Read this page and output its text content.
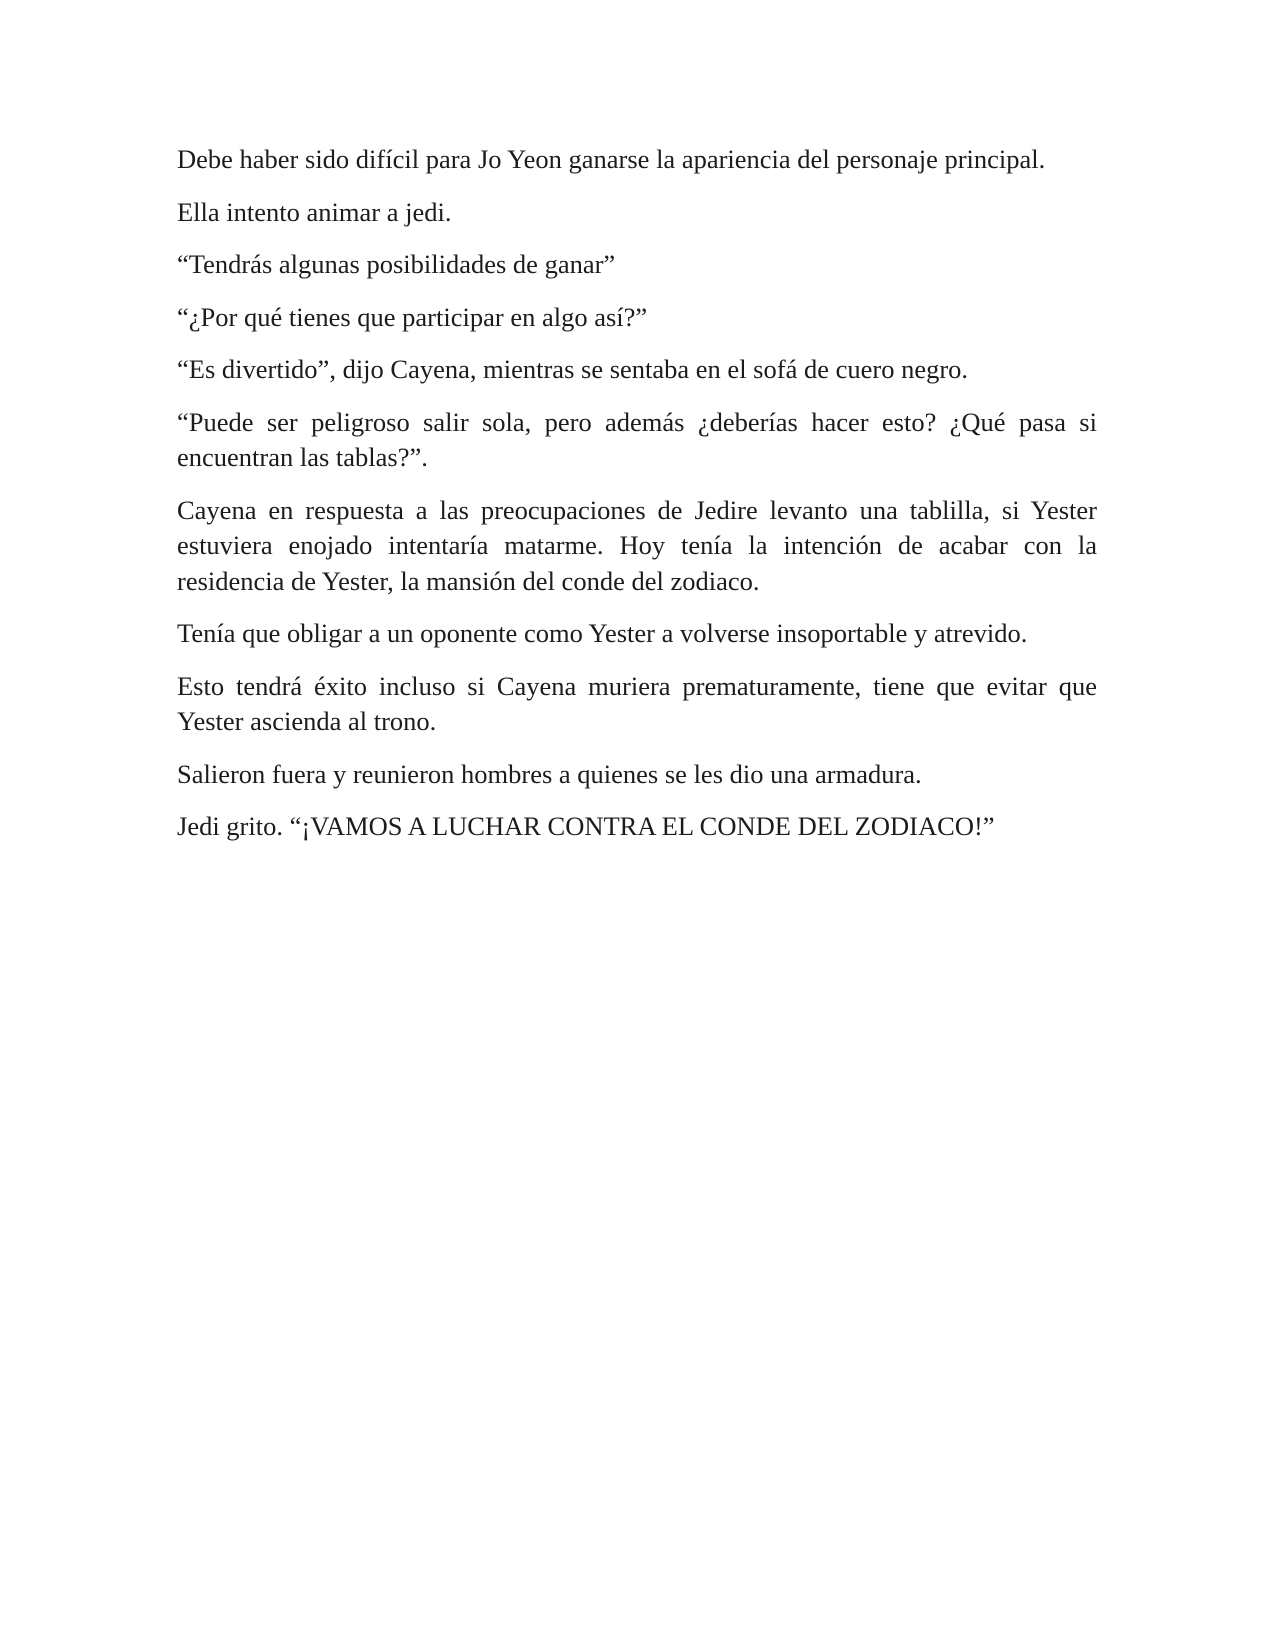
Debe haber sido difícil para Jo Yeon ganarse la apariencia del personaje principal.

Ella intento animar a jedi.

“Tendrás algunas posibilidades de ganar”

“¿Por qué tienes que participar en algo así?”

“Es divertido”, dijo Cayena, mientras se sentaba en el sofá de cuero negro.

“Puede ser peligroso salir sola, pero además ¿deberías hacer esto? ¿Qué pasa si encuentran las tablas?”.

Cayena en respuesta a las preocupaciones de Jedire levanto una tablilla, si Yester estuviera enojado intentaría matarme. Hoy tenía la intención de acabar con la residencia de Yester, la mansión del conde del zodiaco.

Tenía que obligar a un oponente como Yester a volverse insoportable y atrevido.

Esto tendrá éxito incluso si Cayena muriera prematuramente, tiene que evitar que Yester ascienda al trono.

Salieron fuera y reunieron hombres a quienes se les dio una armadura.

Jedi grito. “¡VAMOS A LUCHAR CONTRA EL CONDE DEL ZODIACO!”
